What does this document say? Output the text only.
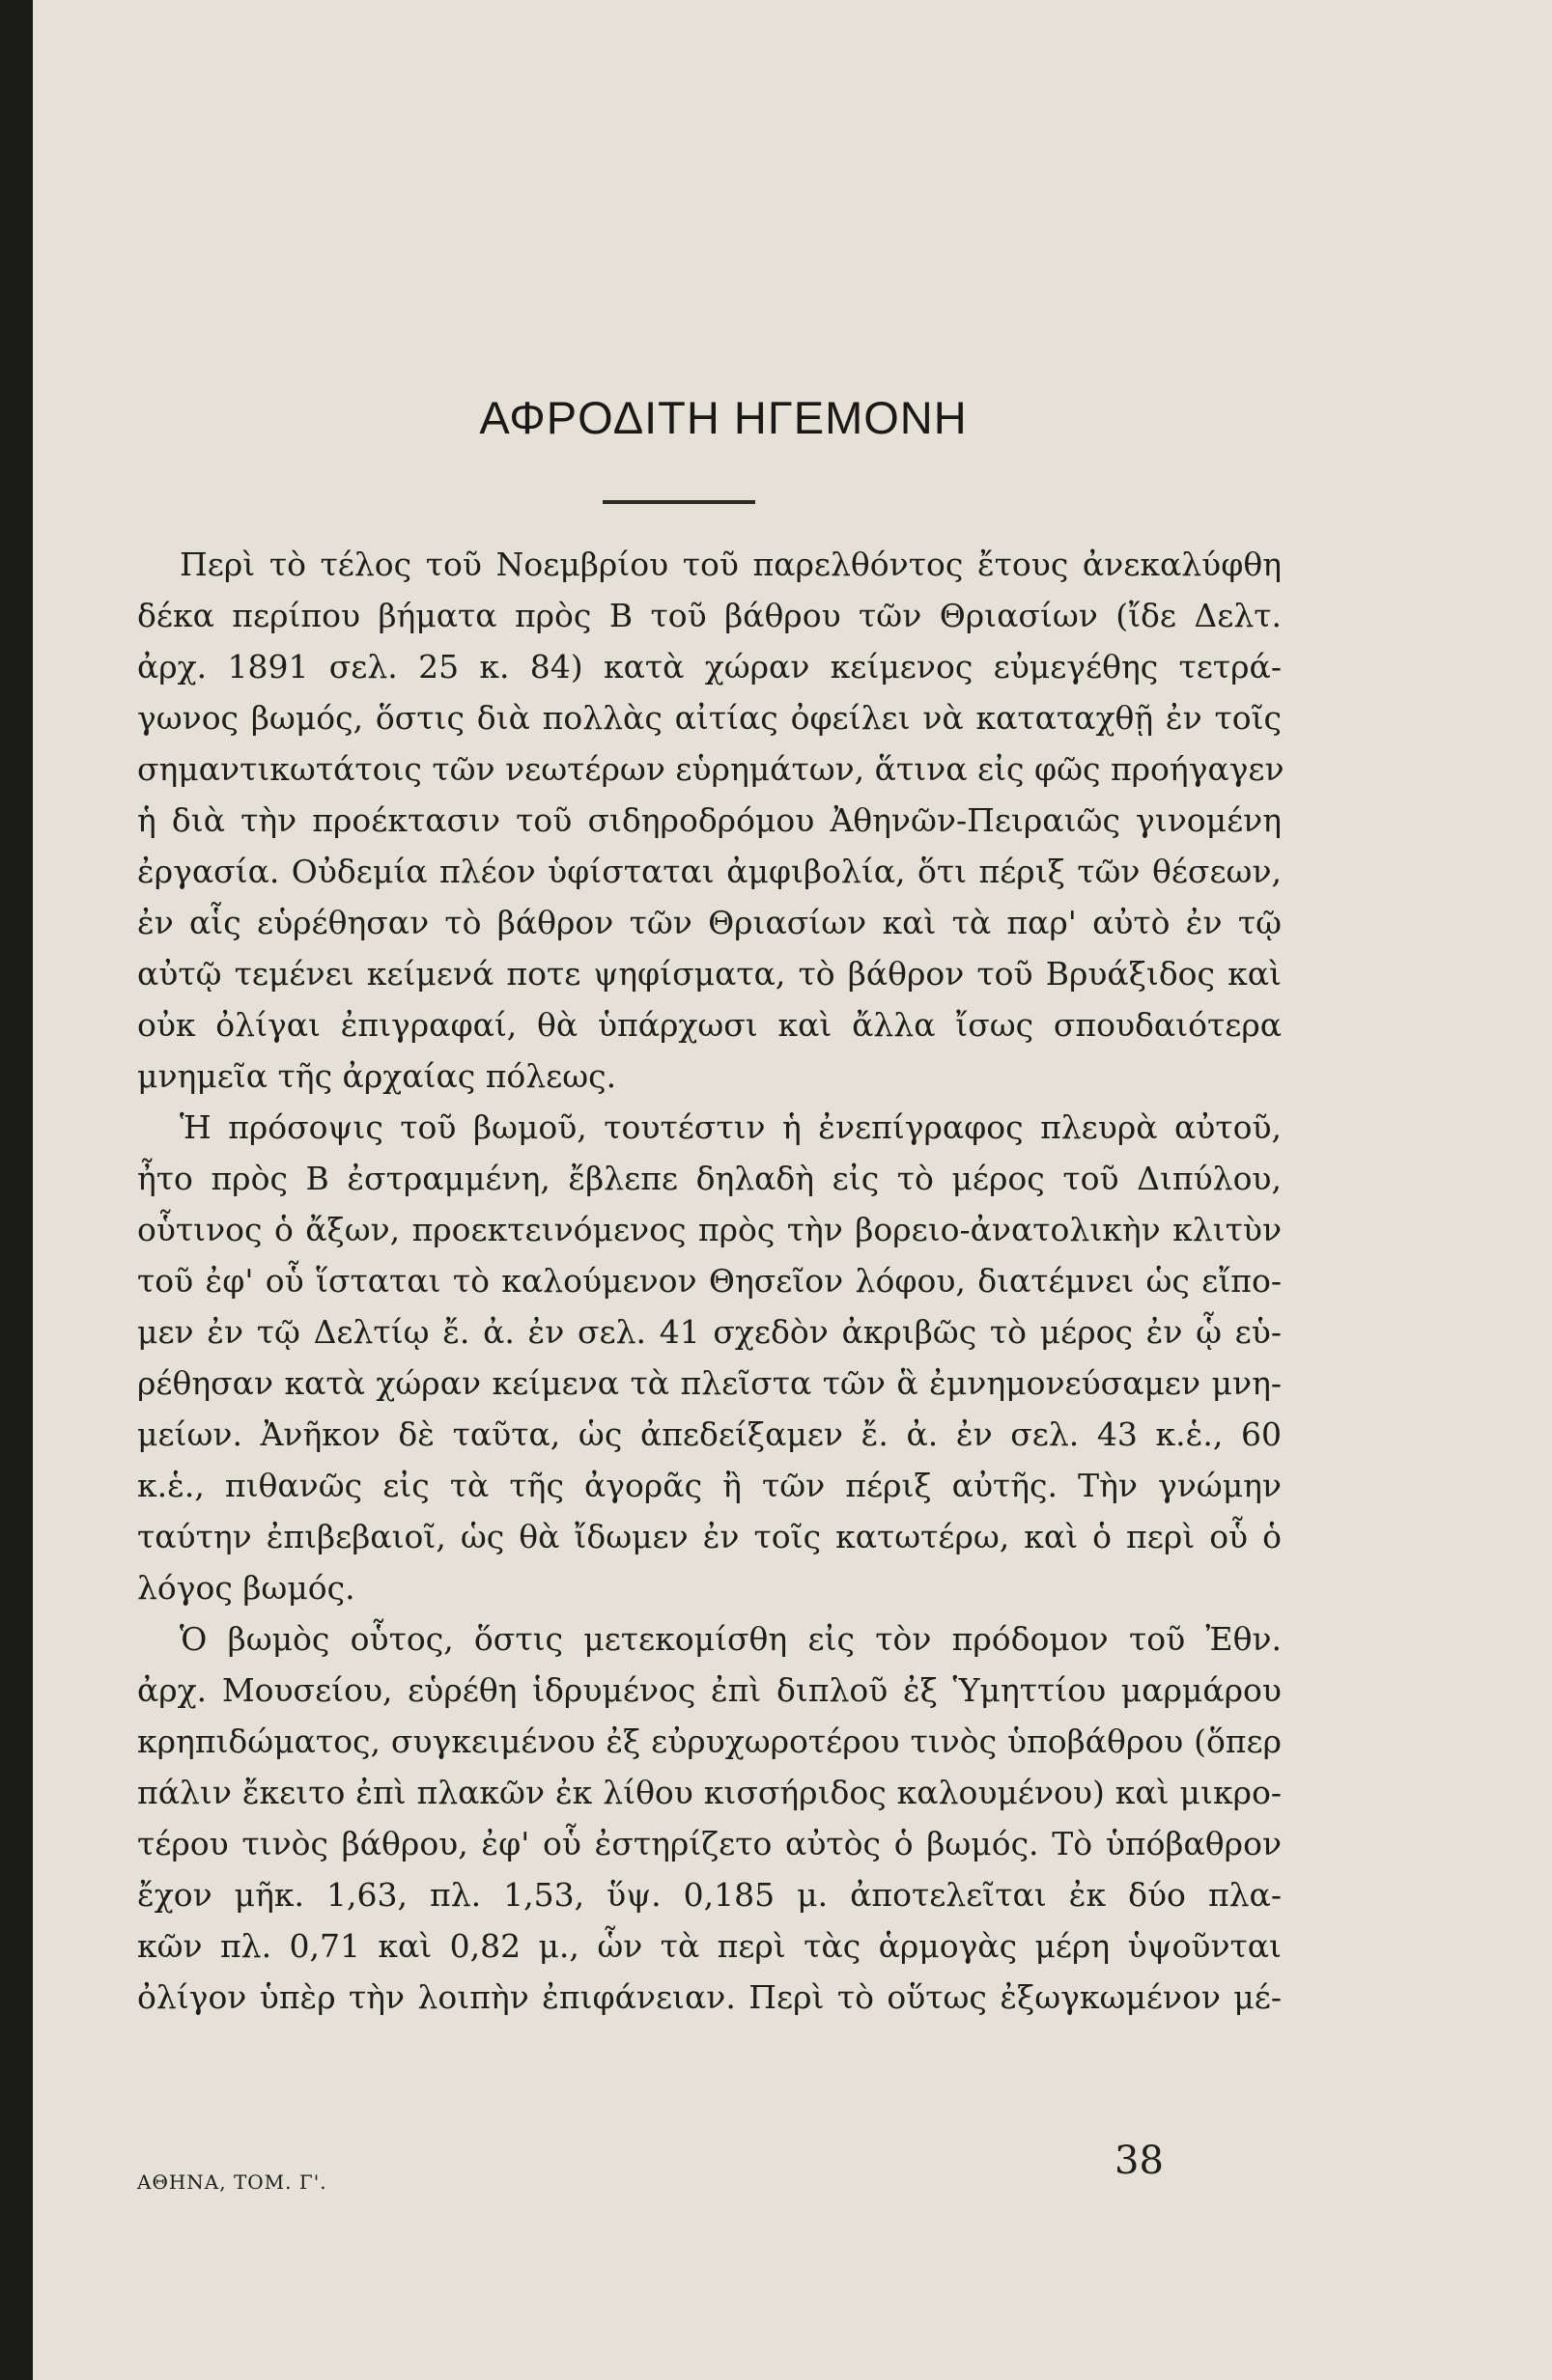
ΑΦΡΟΔΙΤΗ ΗΓΕΜΟΝΗ
Περὶ τὸ τέλος τοῦ Νοεμβρίου τοῦ παρελθόντος ἔτους ἀνεκαλύφθη
δέκα περίπου βήματα πρὸς Β τοῦ βάθρου τῶν Θριασίων (ἴδε Δελτ.
ἀρχ. 1891 σελ. 25 κ. 84) κατὰ χώραν κείμενος εὐμεγέθης τετρά-
γωνος βωμός, ὅστις διὰ πολλὰς αἰτίας ὀφείλει νὰ καταταχθῇ ἐν τοῖς
σημαντικωτάτοις τῶν νεωτέρων εὑρημάτων, ἅτινα εἰς φῶς προήγαγεν
ἡ διὰ τὴν προέκτασιν τοῦ σιδηροδρόμου Ἀθηνῶν-Πειραιῶς γινομένη
ἐργασία. Οὐδεμία πλέον ὑφίσταται ἀμφιβολία, ὅτι πέριξ τῶν θέσεων,
ἐν αἷς εὑρέθησαν τὸ βάθρον τῶν Θριασίων καὶ τὰ παρ' αὐτὸ ἐν τῷ
αὐτῷ τεμένει κείμενά ποτε ψηφίσματα, τὸ βάθρον τοῦ Βρυάξιδος καὶ
οὐκ ὀλίγαι ἐπιγραφαί, θὰ ὑπάρχωσι καὶ ἄλλα ἴσως σπουδαιότερα
μνημεῖα τῆς ἀρχαίας πόλεως.
Ἡ πρόσοψις τοῦ βωμοῦ, τουτέστιν ἡ ἐνεπίγραφος πλευρὰ αὐτοῦ,
ἦτο πρὸς Β ἐστραμμένη, ἔβλεπε δηλαδὴ εἰς τὸ μέρος τοῦ Διπύλου,
οὗτινος ὁ ἄξων, προεκτεινόμενος πρὸς τὴν βορειο-ἀνατολικὴν κλιτὺν
τοῦ ἐφ' οὗ ἵσταται τὸ καλούμενον Θησεῖον λόφου, διατέμνει ὡς εἴπο-
μεν ἐν τῷ Δελτίῳ ἔ. ἀ. ἐν σελ. 41 σχεδὸν ἀκριβῶς τὸ μέρος ἐν ᾧ εὑ-
ρέθησαν κατὰ χώραν κείμενα τὰ πλεῖστα τῶν ἃ ἐμνημονεύσαμεν μνη-
μείων. Ἀνῆκον δὲ ταῦτα, ὡς ἀπεδείξαμεν ἔ. ἀ. ἐν σελ. 43 κ.ἑ., 60
κ.ἑ., πιθανῶς εἰς τὰ τῆς ἀγορᾶς ἢ τῶν πέριξ αὐτῆς. Τὴν γνώμην
ταύτην ἐπιβεβαιοῖ, ὡς θὰ ἴδωμεν ἐν τοῖς κατωτέρω, καὶ ὁ περὶ οὗ ὁ
λόγος βωμός.
Ὁ βωμὸς οὗτος, ὅστις μετεκομίσθη εἰς τὸν πρόδομον τοῦ Ἐθν.
ἀρχ. Μουσείου, εὑρέθη ἱδρυμένος ἐπὶ διπλοῦ ἐξ Ὑμηττίου μαρμάρου
κρηπιδώματος, συγκειμένου ἐξ εὐρυχωροτέρου τινὸς ὑποβάθρου (ὅπερ
πάλιν ἔκειτο ἐπὶ πλακῶν ἐκ λίθου κισσήριδος καλουμένου) καὶ μικρο-
τέρου τινὸς βάθρου, ἐφ' οὗ ἐστηρίζετο αὐτὸς ὁ βωμός. Τὸ ὑπόβαθρον
ἔχον μῆκ. 1,63, πλ. 1,53, ὕψ. 0,185 μ. ἀποτελεῖται ἐκ δύο πλα-
κῶν πλ. 0,71 καὶ 0,82 μ., ὧν τὰ περὶ τὰς ἁρμογὰς μέρη ὑψοῦνται
ὀλίγον ὑπὲρ τὴν λοιπὴν ἐπιφάνειαν. Περὶ τὸ οὕτως ἐξωγκωμένον μέ-
ΑΘΗΝΑ, ΤΟΜ. Γ'.	38
